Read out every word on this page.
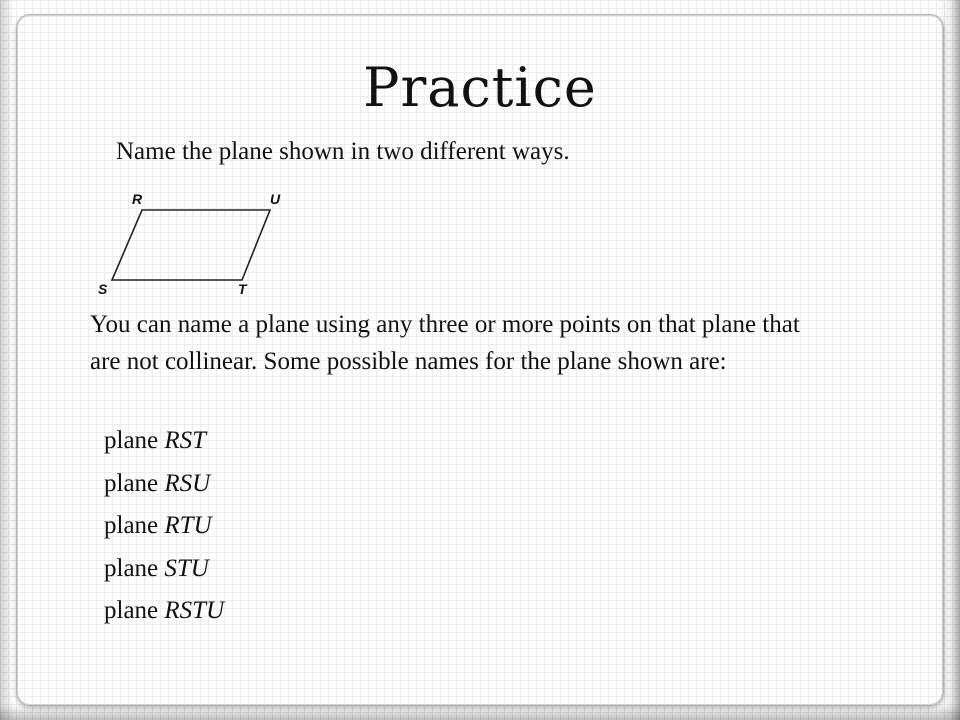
Practice
Name the plane shown in two different ways.
R	U
S	T
You can name a plane using any three or more points on that plane that are not collinear. Some possible names for the plane shown are:
plane RST
plane RSU
plane RTU
plane STU
plane RSTU
